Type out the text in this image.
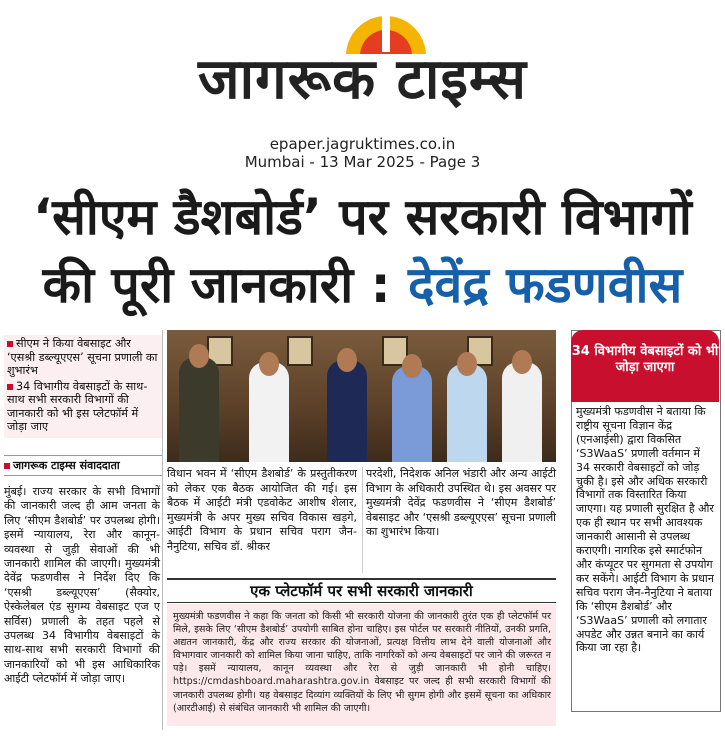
जागरूक टाइम्स
epaper.jagruktimes.co.in
Mumbai - 13 Mar 2025 - Page 3
‘सीएम डैशबोर्ड’ पर सरकारी विभागों
की पूरी जानकारी : देवेंद्र फडणवीस

सीएम ने किया वेबसाइट और ‘एसश्री डब्ल्यूएएस’ सूचना प्रणाली का शुभारंभ

34 विभागीय वेबसाइटों के साथ-साथ सभी सरकारी विभागों की जानकारी को भी इस प्लेटफॉर्म में जोड़ा जाए

जागरूक टाइम्स संवाददाता
मुंबई। राज्य सरकार के सभी विभागों की जानकारी जल्द ही आम जनता के लिए ‘सीएम डैशबोर्ड’ पर उपलब्ध होगी। इसमें न्यायालय, रेरा और कानून-व्यवस्था से जुड़ी सेवाओं की भी जानकारी शामिल की जाएगी। मुख्यमंत्री देवेंद्र फडणवीस ने निर्देश दिए कि ‘एसश्री डब्ल्यूएएस’ (सैक्योर, ऐस्केलेबल एंड सुगम्य वेबसाइट एज ए सर्विस) प्रणाली के तहत पहले से उपलब्ध 34 विभागीय वेबसाइटों के साथ-साथ सभी सरकारी विभागों की जानकारियों को भी इस आधिकारिक आईटी प्लेटफॉर्म में जोड़ा जाए।
विधान भवन में ‘सीएम डैशबोर्ड’ के प्रस्तुतीकरण को लेकर एक बैठक आयोजित की गई। इस बैठक में आईटी मंत्री एडवोकेट आशीष शेलार, मुख्यमंत्री के अपर मुख्य सचिव विकास खड़गे, आईटी विभाग के प्रधान सचिव पराग जैन-नैनुटिया, सचिव डॉ. श्रीकर
परदेशी, निदेशक अनिल भंडारी और अन्य आईटी विभाग के अधिकारी उपस्थित थे। इस अवसर पर मुख्यमंत्री देवेंद्र फडणवीस ने ‘सीएम डैशबोर्ड’ वेबसाइट और ‘एसश्री डब्ल्यूएएस’ सूचना प्रणाली का शुभारंभ किया।
एक प्लेटफॉर्म पर सभी सरकारी जानकारी
मुख्यमंत्री फडणवीस ने कहा कि जनता को किसी भी सरकारी योजना की जानकारी तुरंत एक ही प्लेटफॉर्म पर मिले, इसके लिए ‘सीएम डैशबोर्ड’ उपयोगी साबित होना चाहिए। इस पोर्टल पर सरकारी नीतियों, उनकी प्रगति, अद्यतन जानकारी, केंद्र और राज्य सरकार की योजनाओं, प्रत्यक्ष वित्तीय लाभ देने वाली योजनाओं और विभागवार जानकारी को शामिल किया जाना चाहिए, ताकि नागरिकों को अन्य वेबसाइटों पर जाने की जरूरत न पड़े। इसमें न्यायालय, कानून व्यवस्था और रेरा से जुड़ी जानकारी भी होनी चाहिए। https://cmdashboard.maharashtra.gov.in वेबसाइट पर जल्द ही सभी सरकारी विभागों की जानकारी उपलब्ध होगी। यह वेबसाइट दिव्यांग व्यक्तियों के लिए भी सुगम होगी और इसमें सूचना का अधिकार (आरटीआई) से संबंधित जानकारी भी शामिल की जाएगी।
34 विभागीय वेबसाइटों को भी जोड़ा जाएगा
मुख्यमंत्री फडणवीस ने बताया कि राष्ट्रीय सूचना विज्ञान केंद्र (एनआईसी) द्वारा विकसित ‘S3WaaS’ प्रणाली वर्तमान में 34 सरकारी वेबसाइटों को जोड़ चुकी है। इसे और अधिक सरकारी विभागों तक विस्तारित किया जाएगा। यह प्रणाली सुरक्षित है और एक ही स्थान पर सभी आवश्यक जानकारी आसानी से उपलब्ध कराएगी। नागरिक इसे स्मार्टफोन और कंप्यूटर पर सुगमता से उपयोग कर सकेंगे। आईटी विभाग के प्रधान सचिव पराग जैन-नैनुटिया ने बताया कि ‘सीएम डैशबोर्ड’ और ‘S3WaaS’ प्रणाली को लगातार अपडेट और उन्नत बनाने का कार्य किया जा रहा है।
